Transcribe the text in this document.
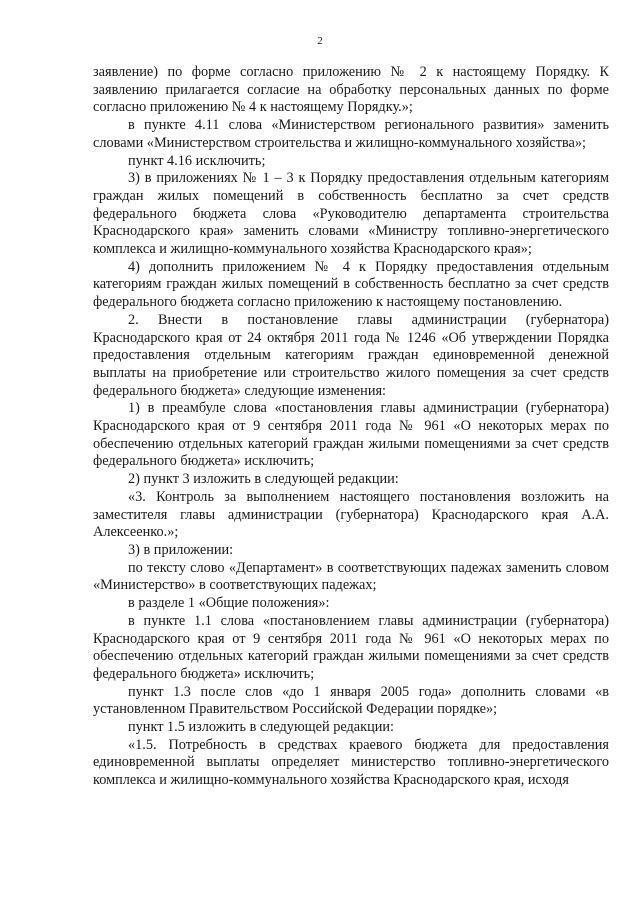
2

заявление) по форме согласно приложению № 2 к настоящему Порядку. К заявлению прилагается согласие на обработку персональных данных по форме согласно приложению № 4 к настоящему Порядку.»;

в пункте 4.11 слова «Министерством регионального развития» заменить словами «Министерством строительства и жилищно-коммунального хозяйства»;

пункт 4.16 исключить;

3) в приложениях № 1 – 3 к Порядку предоставления отдельным категориям граждан жилых помещений в собственность бесплатно за счет средств федерального бюджета слова «Руководителю департамента строительства Краснодарского края» заменить словами «Министру топливно-энергетического комплекса и жилищно-коммунального хозяйства Краснодарского края»;

4) дополнить приложением № 4 к Порядку предоставления отдельным категориям граждан жилых помещений в собственность бесплатно за счет средств федерального бюджета согласно приложению к настоящему постановлению.

2. Внести в постановление главы администрации (губернатора) Краснодарского края от 24 октября 2011 года № 1246 «Об утверждении Порядка предоставления отдельным категориям граждан единовременной денежной выплаты на приобретение или строительство жилого помещения за счет средств федерального бюджета» следующие изменения:

1) в преамбуле слова «постановления главы администрации (губернатора) Краснодарского края от 9 сентября 2011 года № 961 «О некоторых мерах по обеспечению отдельных категорий граждан жилыми помещениями за счет средств федерального бюджета» исключить;

2) пункт 3 изложить в следующей редакции:

«3. Контроль за выполнением настоящего постановления возложить на заместителя главы администрации (губернатора) Краснодарского края А.А. Алексеенко.»;

3) в приложении:

по тексту слово «Департамент» в соответствующих падежах заменить словом «Министерство» в соответствующих падежах;

в разделе 1 «Общие положения»:

в пункте 1.1 слова «постановлением главы администрации (губернатора) Краснодарского края от 9 сентября 2011 года № 961 «О некоторых мерах по обеспечению отдельных категорий граждан жилыми помещениями за счет средств федерального бюджета» исключить;

пункт 1.3 после слов «до 1 января 2005 года» дополнить словами «в установленном Правительством Российской Федерации порядке»;

пункт 1.5 изложить в следующей редакции:

«1.5. Потребность в средствах краевого бюджета для предоставления единовременной выплаты определяет министерство топливно-энергетического комплекса и жилищно-коммунального хозяйства Краснодарского края, исходя
